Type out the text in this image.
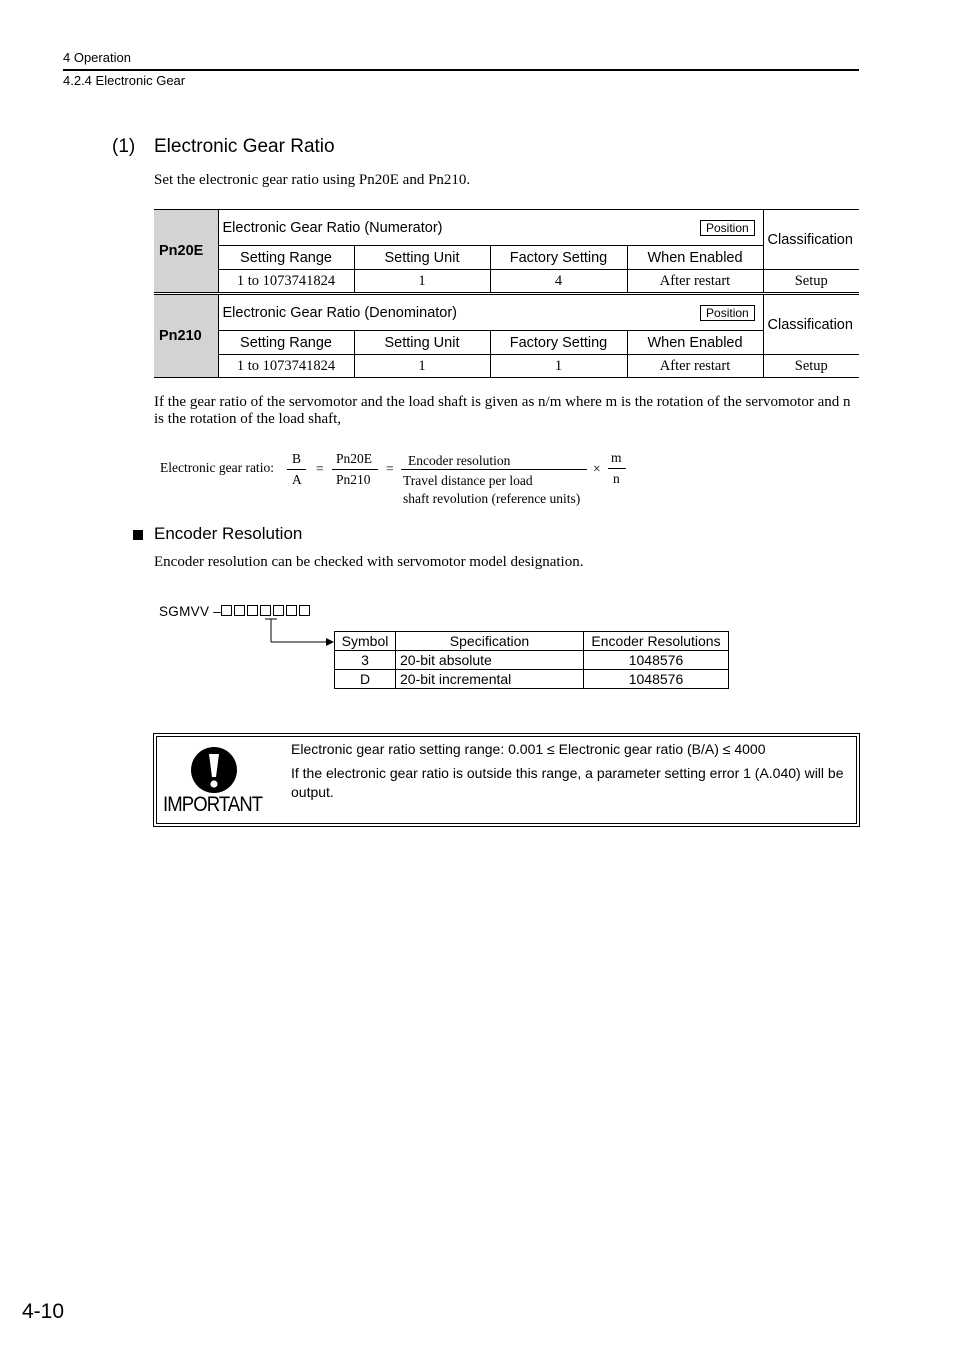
4 Operation
4.2.4 Electronic Gear
(1) Electronic Gear Ratio
Set the electronic gear ratio using Pn20E and Pn210.
Pn20E	Electronic Gear Ratio (Numerator)				Position	Classification
	Setting Range	Setting Unit	Factory Setting	When Enabled		
	1 to 1073741824	1	4	After restart		Setup
Pn210	Electronic Gear Ratio (Denominator)				Position	Classification
	Setting Range	Setting Unit	Factory Setting	When Enabled		
	1 to 1073741824	1	1	After restart		Setup
If the gear ratio of the servomotor and the load shaft is given as n/m where m is the rotation of the servomotor and n is the rotation of the load shaft,
Electronic gear ratio:
B
A
=
Pn20E
Pn210
=
Encoder resolution
Travel distance per load
shaft revolution (reference units)
×
m
n
Encoder Resolution
Encoder resolution can be checked with servomotor model designation.
SGMVV –
Symbol	Specification	Encoder Resolutions
3	20-bit absolute	1048576
D	20-bit incremental	1048576
IMPORTANT
Electronic gear ratio setting range: 0.001 ≤ Electronic gear ratio (B/A) ≤ 4000
If the electronic gear ratio is outside this range, a parameter setting error 1 (A.040) will be output.
4-10
